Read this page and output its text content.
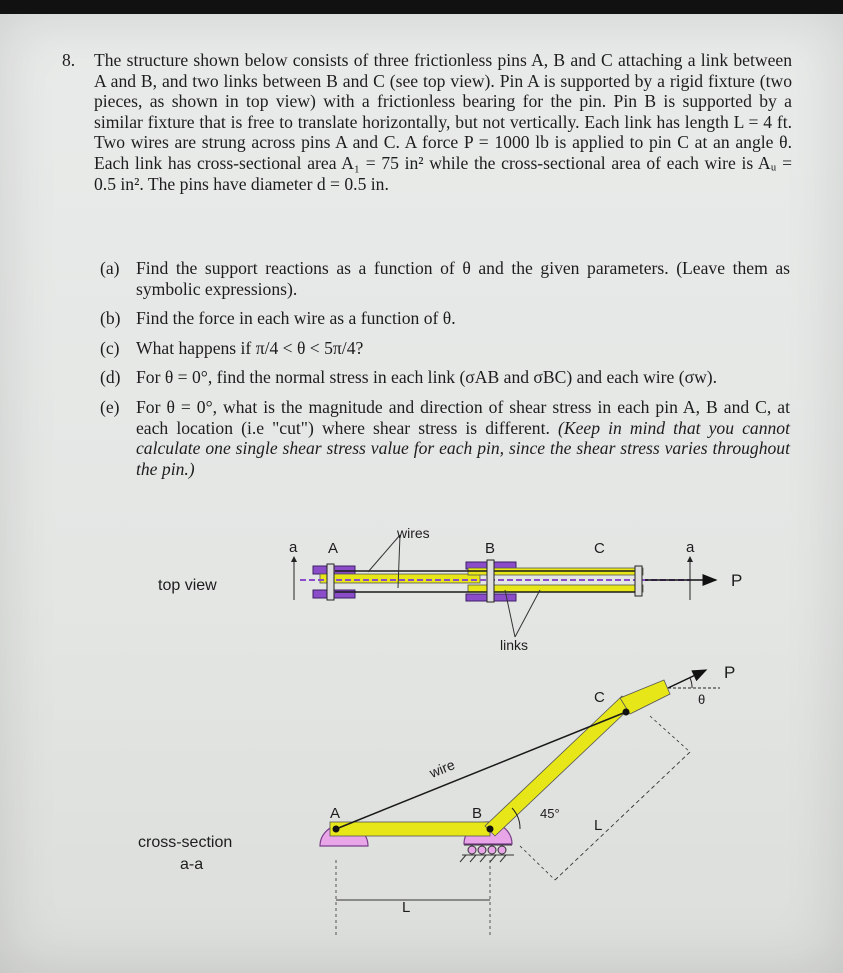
8. The structure shown below consists of three frictionless pins A, B and C attaching a link between A and B, and two links between B and C (see top view). Pin A is supported by a rigid fixture (two pieces, as shown in top view) with a frictionless bearing for the pin. Pin B is supported by a similar fixture that is free to translate horizontally, but not vertically. Each link has length L = 4 ft. Two wires are strung across pins A and C. A force P = 1000 lb is applied to pin C at an angle θ. Each link has cross-sectional area A₁ = 75 in² while the cross-sectional area of each wire is Aᵤ = 0.5 in². The pins have diameter d = 0.5 in.
(a) Find the support reactions as a function of θ and the given parameters. (Leave them as symbolic expressions).
(b) Find the force in each wire as a function of θ.
(c) What happens if π/4 < θ < 5π/4?
(d) For θ = 0°, find the normal stress in each link (σAB and σBC) and each wire (σw).
(e) For θ = 0°, what is the magnitude and direction of shear stress in each pin A, B and C, at each location (i.e "cut") where shear stress is different. (Keep in mind that you cannot calculate one single shear stress value for each pin, since the shear stress varies throughout the pin.)
top view
wires
links
a A	B	C	a
P
cross-section
a-a
A	B
C
P
θ
wire
45°
L
L
